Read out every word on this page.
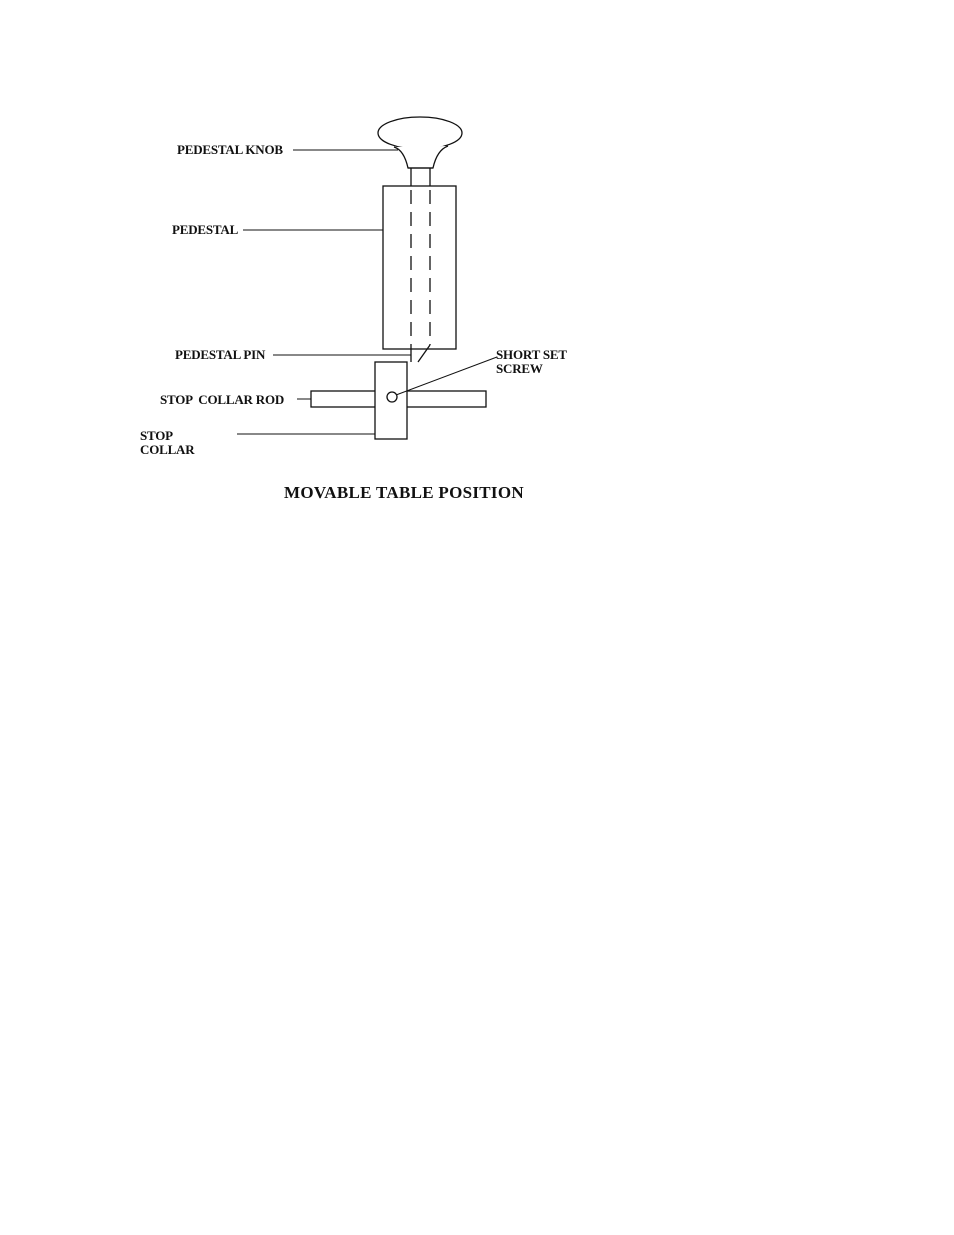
PEDESTAL KNOB
PEDESTAL
PEDESTAL PIN	SHORT SET
SCREW
STOP  COLLAR ROD
STOP
COLLAR
MOVABLE TABLE POSITION
